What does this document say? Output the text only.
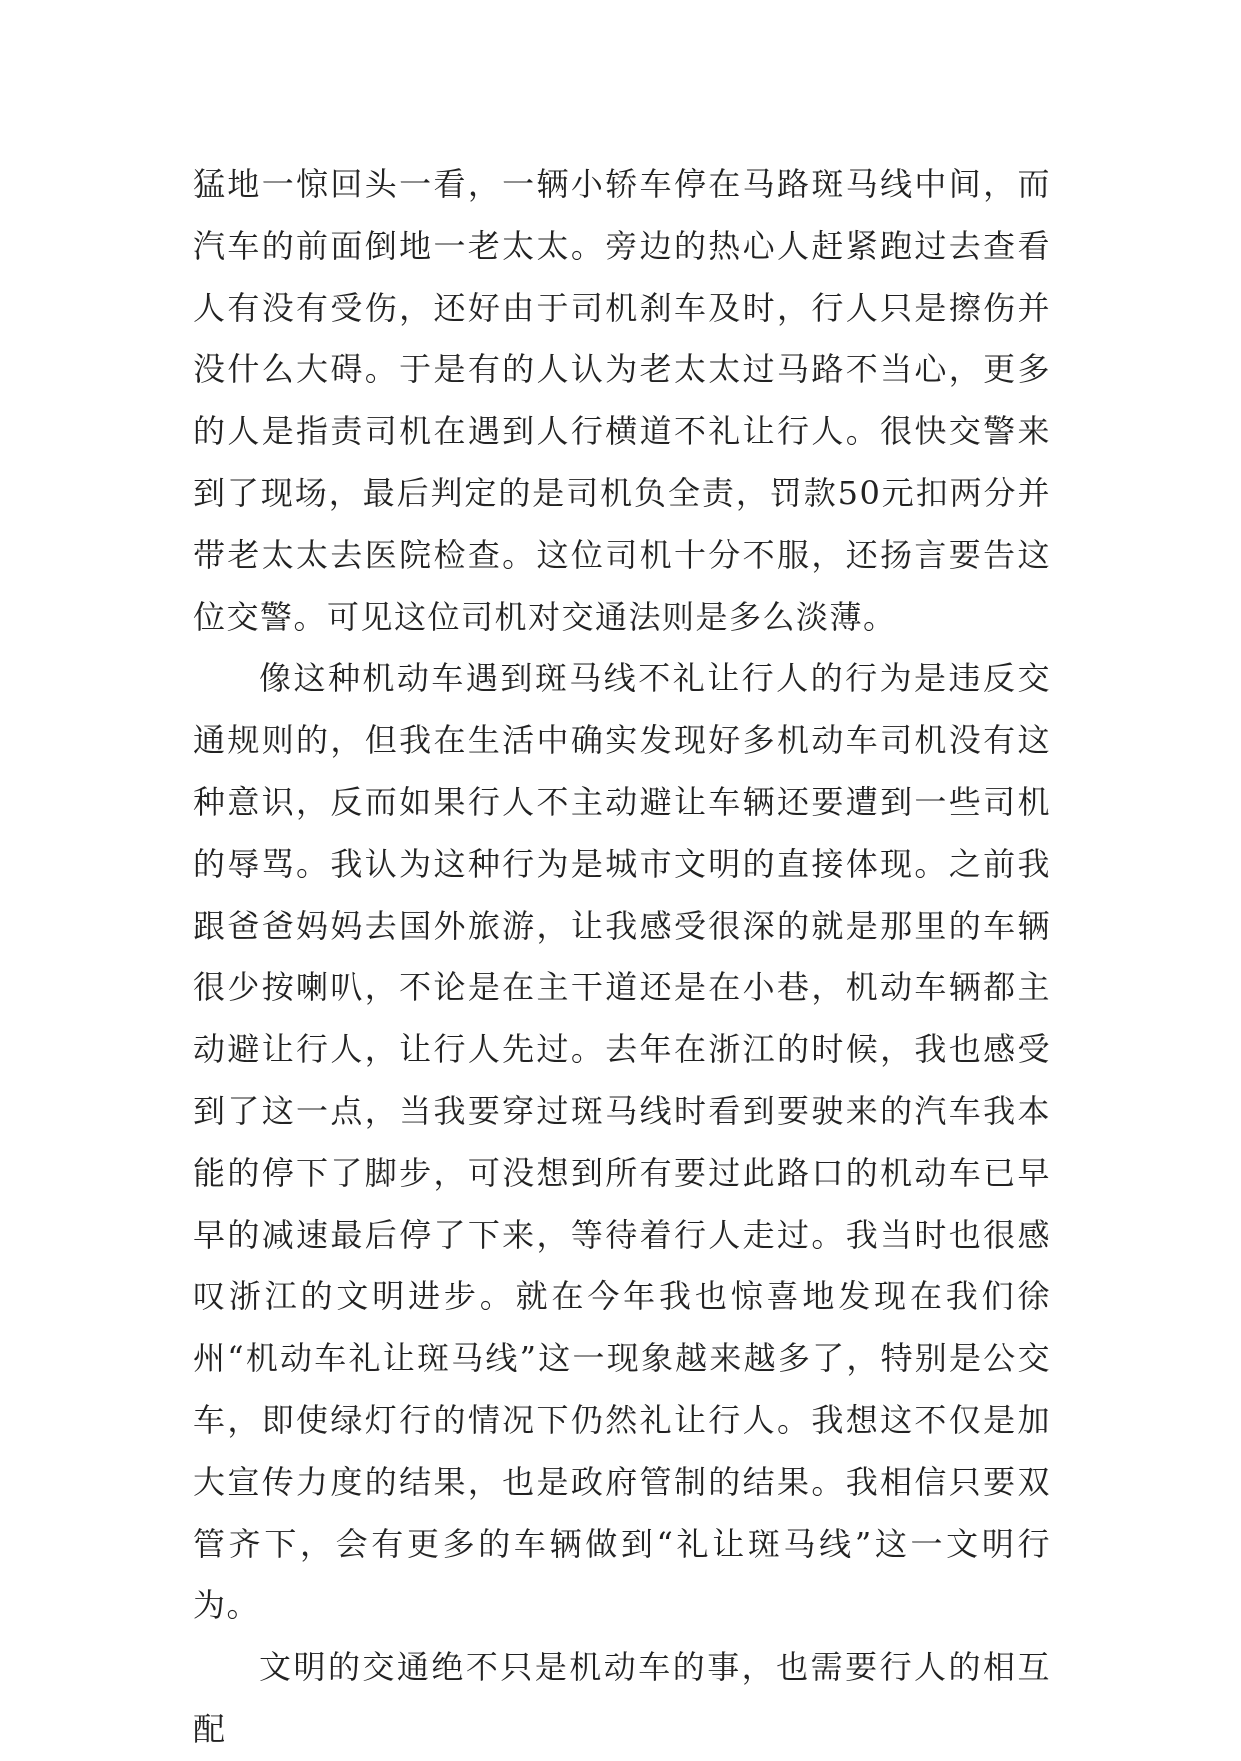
猛地一惊回头一看，一辆小轿车停在马路斑马线中间，而汽车的前面倒地一老太太。旁边的热心人赶紧跑过去查看人有没有受伤，还好由于司机刹车及时，行人只是擦伤并没什么大碍。于是有的人认为老太太过马路不当心，更多的人是指责司机在遇到人行横道不礼让行人。很快交警来到了现场，最后判定的是司机负全责，罚款50元扣两分并带老太太去医院检查。这位司机十分不服，还扬言要告这位交警。可见这位司机对交通法则是多么淡薄。

像这种机动车遇到斑马线不礼让行人的行为是违反交通规则的，但我在生活中确实发现好多机动车司机没有这种意识，反而如果行人不主动避让车辆还要遭到一些司机的辱骂。我认为这种行为是城市文明的直接体现。之前我跟爸爸妈妈去国外旅游，让我感受很深的就是那里的车辆很少按喇叭，不论是在主干道还是在小巷，机动车辆都主动避让行人，让行人先过。去年在浙江的时候，我也感受到了这一点，当我要穿过斑马线时看到要驶来的汽车我本能的停下了脚步，可没想到所有要过此路口的机动车已早早的减速最后停了下来，等待着行人走过。我当时也很感叹浙江的文明进步。就在今年我也惊喜地发现在我们徐州“机动车礼让斑马线”这一现象越来越多了，特别是公交车，即使绿灯行的情况下仍然礼让行人。我想这不仅是加大宣传力度的结果，也是政府管制的结果。我相信只要双管齐下，会有更多的车辆做到“礼让斑马线”这一文明行为。

文明的交通绝不只是机动车的事，也需要行人的相互配
